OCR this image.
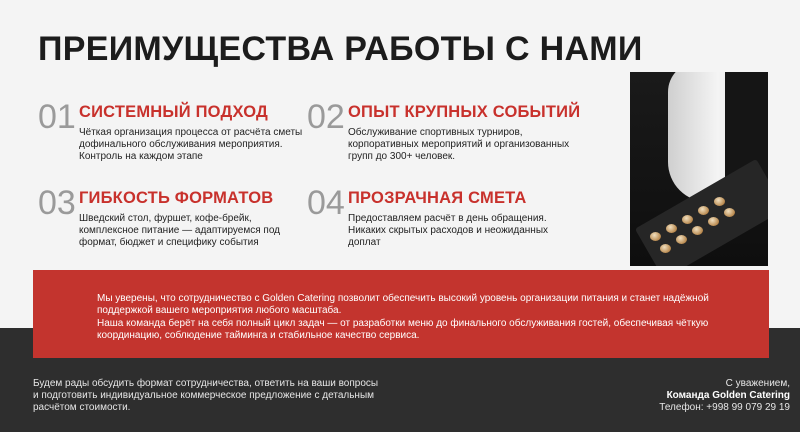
ПРЕИМУЩЕСТВА РАБОТЫ С НАМИ
01 СИСТЕМНЫЙ ПОДХОД
Чёткая организация процесса от расчёта сметы дофинального обслуживания мероприятия. Контроль на каждом этапе
02 ОПЫТ КРУПНЫХ СОБЫТИЙ
Обслуживание спортивных турниров, корпоративных мероприятий и организованных групп до 300+ человек.
03 ГИБКОСТЬ ФОРМАТОВ
Шведский стол, фуршет, кофе-брейк, комплексное питание — адаптируемся под формат, бюджет и специфику события
04 ПРОЗРАЧНАЯ СМЕТА
Предоставляем расчёт в день обращения. Никаких скрытых расходов и неожиданных доплат

Мы уверены, что сотрудничество с Golden Catering позволит обеспечить высокий уровень организации питания и станет надёжной поддержкой вашего мероприятия любого масштаба.

Наша команда берёт на себя полный цикл задач — от разработки меню до финального обслуживания гостей, обеспечивая чёткую координацию, соблюдение тайминга и стабильное качество сервиса.

Будем рады обсудить формат сотрудничества, ответить на ваши вопросы и подготовить индивидуальное коммерческое предложение с детальным расчётом стоимости.
С уважением,
Команда Golden Catering
Телефон: +998 99 079 29 19
